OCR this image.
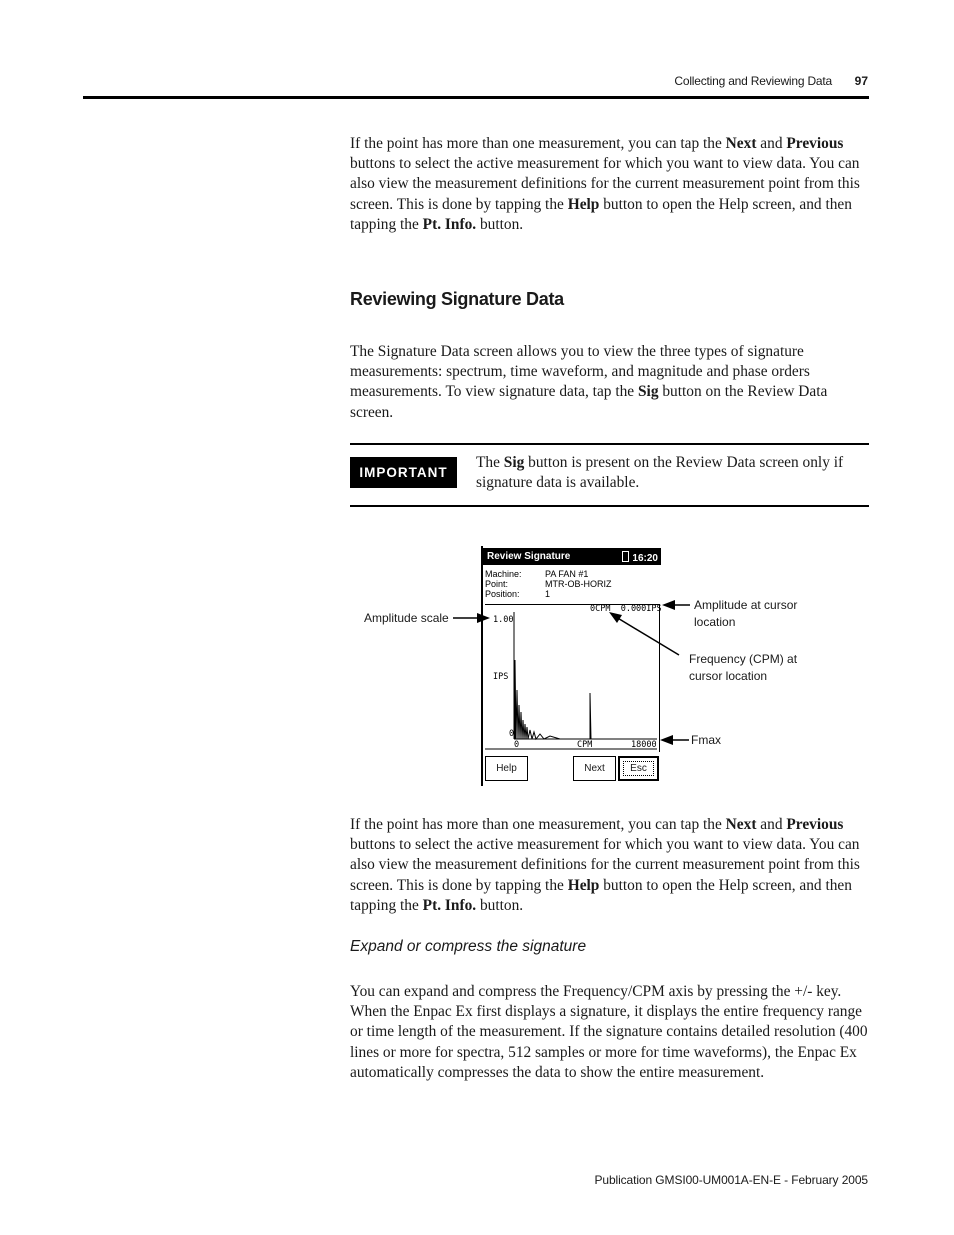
Collecting and Reviewing Data 97
If the point has more than one measurement, you can tap the Next and Previous buttons to select the active measurement for which you want to view data. You can also view the measurement definitions for the current measurement point from this screen. This is done by tapping the Help button to open the Help screen, and then tapping the Pt. Info. button.
Reviewing Signature Data
The Signature Data screen allows you to view the three types of signature measurements: spectrum, time waveform, and magnitude and phase orders measurements. To view signature data, tap the Sig button on the Review Data screen.
IMPORTANT
The Sig button is present on the Review Data screen only if signature data is available.
Review Signature	16:20
Machine:	PA FAN #1
Point:	MTR-OB-HORIZ
Position:	1
0CPM  0.000IPS
1.00
IPS
0
0	CPM	18000
Help	Next	Esc
Amplitude scale
Amplitude at cursor
location
Frequency (CPM) at
cursor location
Fmax
If the point has more than one measurement, you can tap the Next and Previous buttons to select the active measurement for which you want to view data. You can also view the measurement definitions for the current measurement point from this screen. This is done by tapping the Help button to open the Help screen, and then tapping the Pt. Info. button.
Expand or compress the signature
You can expand and compress the Frequency/CPM axis by pressing the +/- key. When the Enpac Ex first displays a signature, it displays the entire frequency range or time length of the measurement. If the signature contains detailed resolution (400 lines or more for spectra, 512 samples or more for time waveforms), the Enpac Ex automatically compresses the data to show the entire measurement.
Publication GMSI00-UM001A-EN-E - February 2005
